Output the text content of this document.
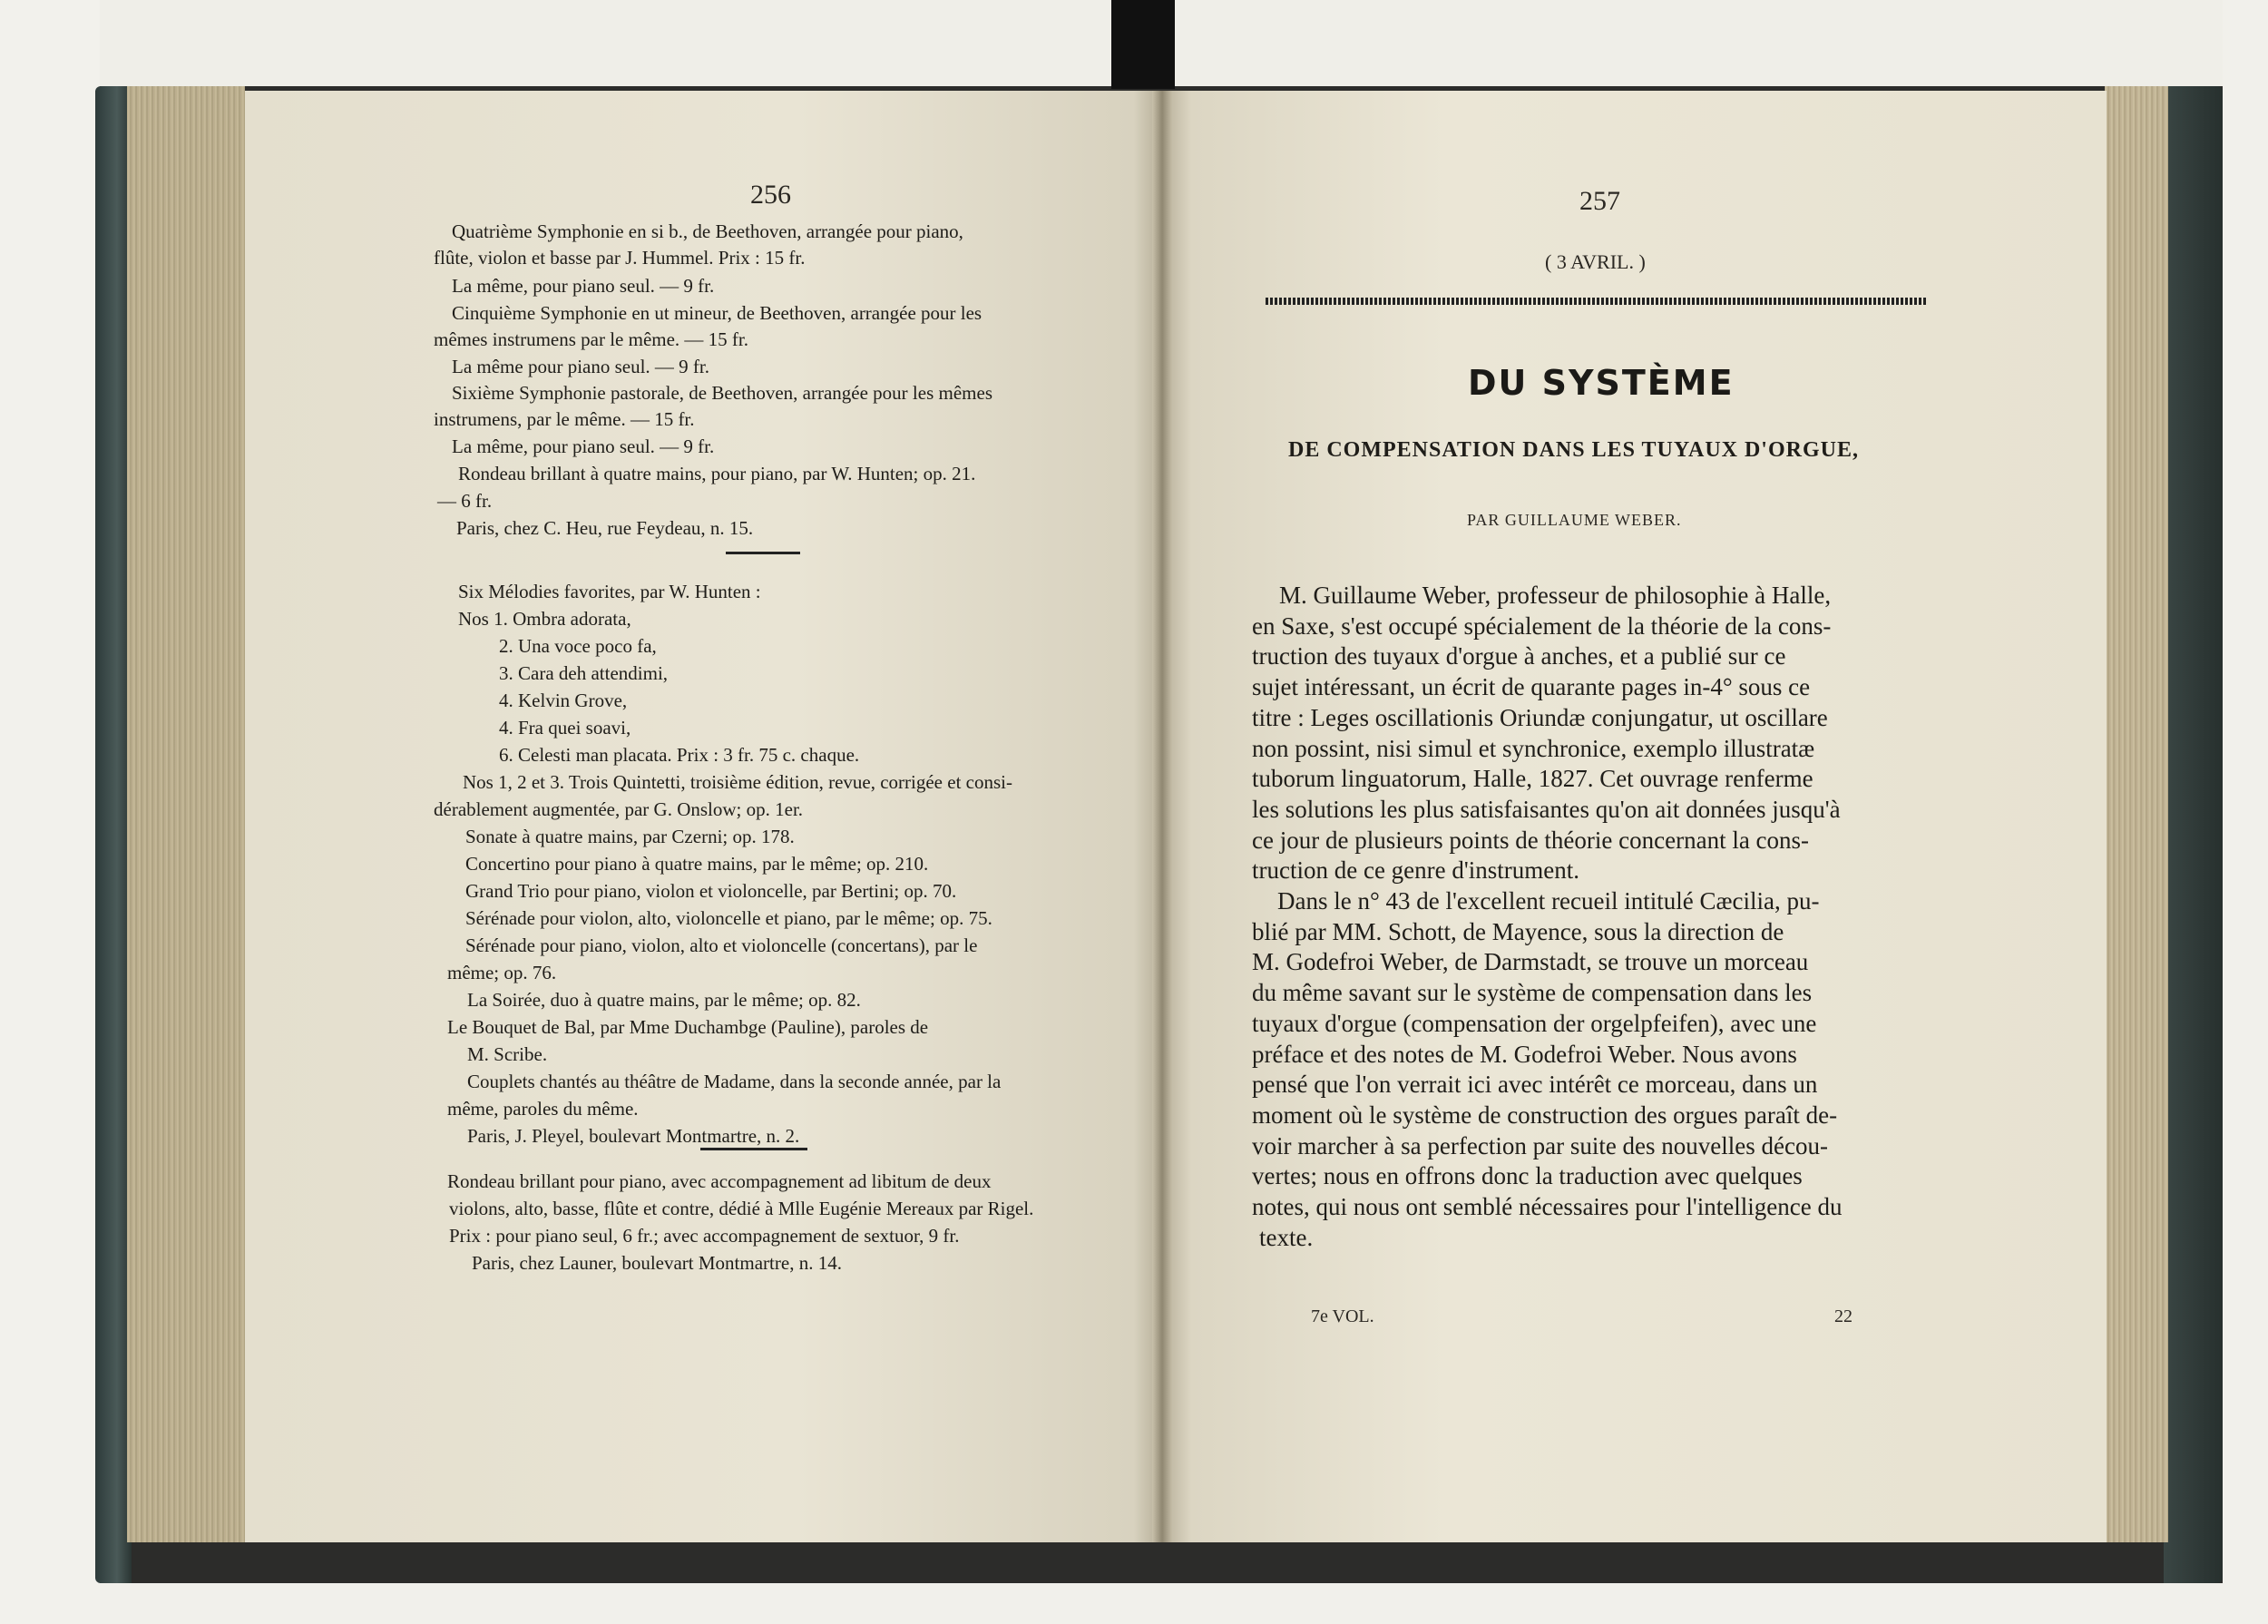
256
Quatrième Symphonie en si b., de Beethoven, arrangée pour piano,
flûte, violon et basse par J. Hummel. Prix : 15 fr.
La même, pour piano seul. — 9 fr.
Cinquième Symphonie en ut mineur, de Beethoven, arrangée pour les
mêmes instrumens par le même. — 15 fr.
La même pour piano seul. — 9 fr.
Sixième Symphonie pastorale, de Beethoven, arrangée pour les mêmes
instrumens, par le même. — 15 fr.
La même, pour piano seul. — 9 fr.
Rondeau brillant à quatre mains, pour piano, par W. Hunten; op. 21.
— 6 fr.
Paris, chez C. Heu, rue Feydeau, n. 15.
Six Mélodies favorites, par W. Hunten :
Nos 1. Ombra adorata,
2. Una voce poco fa,
3. Cara deh attendimi,
4. Kelvin Grove,
4. Fra quei soavi,
6. Celesti man placata. Prix : 3 fr. 75 c. chaque.
Nos 1, 2 et 3. Trois Quintetti, troisième édition, revue, corrigée et consi-
dérablement augmentée, par G. Onslow; op. 1er.
Sonate à quatre mains, par Czerni; op. 178.
Concertino pour piano à quatre mains, par le même; op. 210.
Grand Trio pour piano, violon et violoncelle, par Bertini; op. 70.
Sérénade pour violon, alto, violoncelle et piano, par le même; op. 75.
Sérénade pour piano, violon, alto et violoncelle (concertans), par le
même; op. 76.
La Soirée, duo à quatre mains, par le même; op. 82.
Le Bouquet de Bal, par Mme Duchambge (Pauline), paroles de
M. Scribe.
Couplets chantés au théâtre de Madame, dans la seconde année, par la
même, paroles du même.
Paris, J. Pleyel, boulevart Montmartre, n. 2.
Rondeau brillant pour piano, avec accompagnement ad libitum de deux
violons, alto, basse, flûte et contre, dédié à Mlle Eugénie Mereaux par Rigel.
Prix : pour piano seul, 6 fr.; avec accompagnement de sextuor, 9 fr.
Paris, chez Launer, boulevart Montmartre, n. 14.
257
( 3 AVRIL. )
DU SYSTÈME
DE COMPENSATION DANS LES TUYAUX D'ORGUE,
PAR GUILLAUME WEBER.
M. Guillaume Weber, professeur de philosophie à Halle,
en Saxe, s'est occupé spécialement de la théorie de la cons-
truction des tuyaux d'orgue à anches, et a publié sur ce
sujet intéressant, un écrit de quarante pages in-4° sous ce
titre : Leges oscillationis Oriundæ conjungatur, ut oscillare
non possint, nisi simul et synchronice, exemplo illustratæ
tuborum linguatorum, Halle, 1827. Cet ouvrage renferme
les solutions les plus satisfaisantes qu'on ait données jusqu'à
ce jour de plusieurs points de théorie concernant la cons-
truction de ce genre d'instrument.
Dans le n° 43 de l'excellent recueil intitulé Cæcilia, pu-
blié par MM. Schott, de Mayence, sous la direction de
M. Godefroi Weber, de Darmstadt, se trouve un morceau
du même savant sur le système de compensation dans les
tuyaux d'orgue (compensation der orgelpfeifen), avec une
préface et des notes de M. Godefroi Weber. Nous avons
pensé que l'on verrait ici avec intérêt ce morceau, dans un
moment où le système de construction des orgues paraît de-
voir marcher à sa perfection par suite des nouvelles décou-
vertes; nous en offrons donc la traduction avec quelques
notes, qui nous ont semblé nécessaires pour l'intelligence du
texte.
7e VOL.	22
